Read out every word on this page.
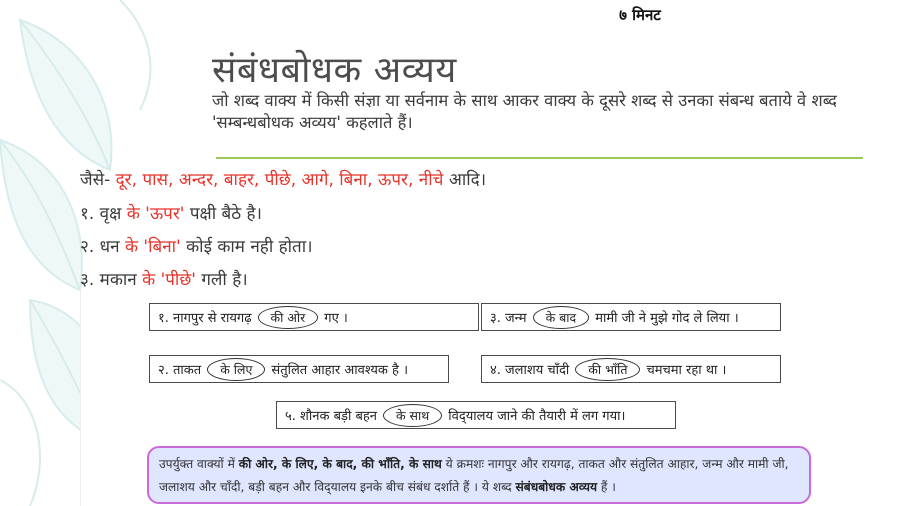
७ मिनट
संबंधबोधक अव्यय
जो शब्द वाक्य में किसी संज्ञा या सर्वनाम के साथ आकर वाक्य के दूसरे शब्द से उनका संबन्ध बताये वे शब्द 'सम्बन्धबोधक अव्यय' कहलाते हैं।
जैसे- दूर, पास, अन्दर, बाहर, पीछे, आगे, बिना, ऊपर, नीचे आदि।
१. वृक्ष के 'ऊपर' पक्षी बैठे है।
२. धन के 'बिना' कोई काम नही होता।
३. मकान के 'पीछे' गली है।
१. नागपुर से रायगढ़	की ओर	गए ।	३. जन्म	के बाद	मामी जी ने मुझे गोद ले लिया ।
२. ताकत	के लिए	संतुलित आहार आवश्यक है ।	४. जलाशय चाँदी	की भाँति	चमचमा रहा था ।
५. शौनक बड़ी बहन	के साथ	विद्‌यालय जाने की तैयारी में लग गया।
उपर्युक्त वाक्यों में की ओर, के लिए, के बाद, की भाँति, के साथ ये क्रमशः नागपुर और रायगढ़, ताकत और संतुलित आहार, जन्म और मामी जी, जलाशय और चाँदी, बड़ी बहन और विद्‌यालय इनके बीच संबंध दर्शाते हैं । ये शब्द संबंधबोधक अव्यय हैं ।
